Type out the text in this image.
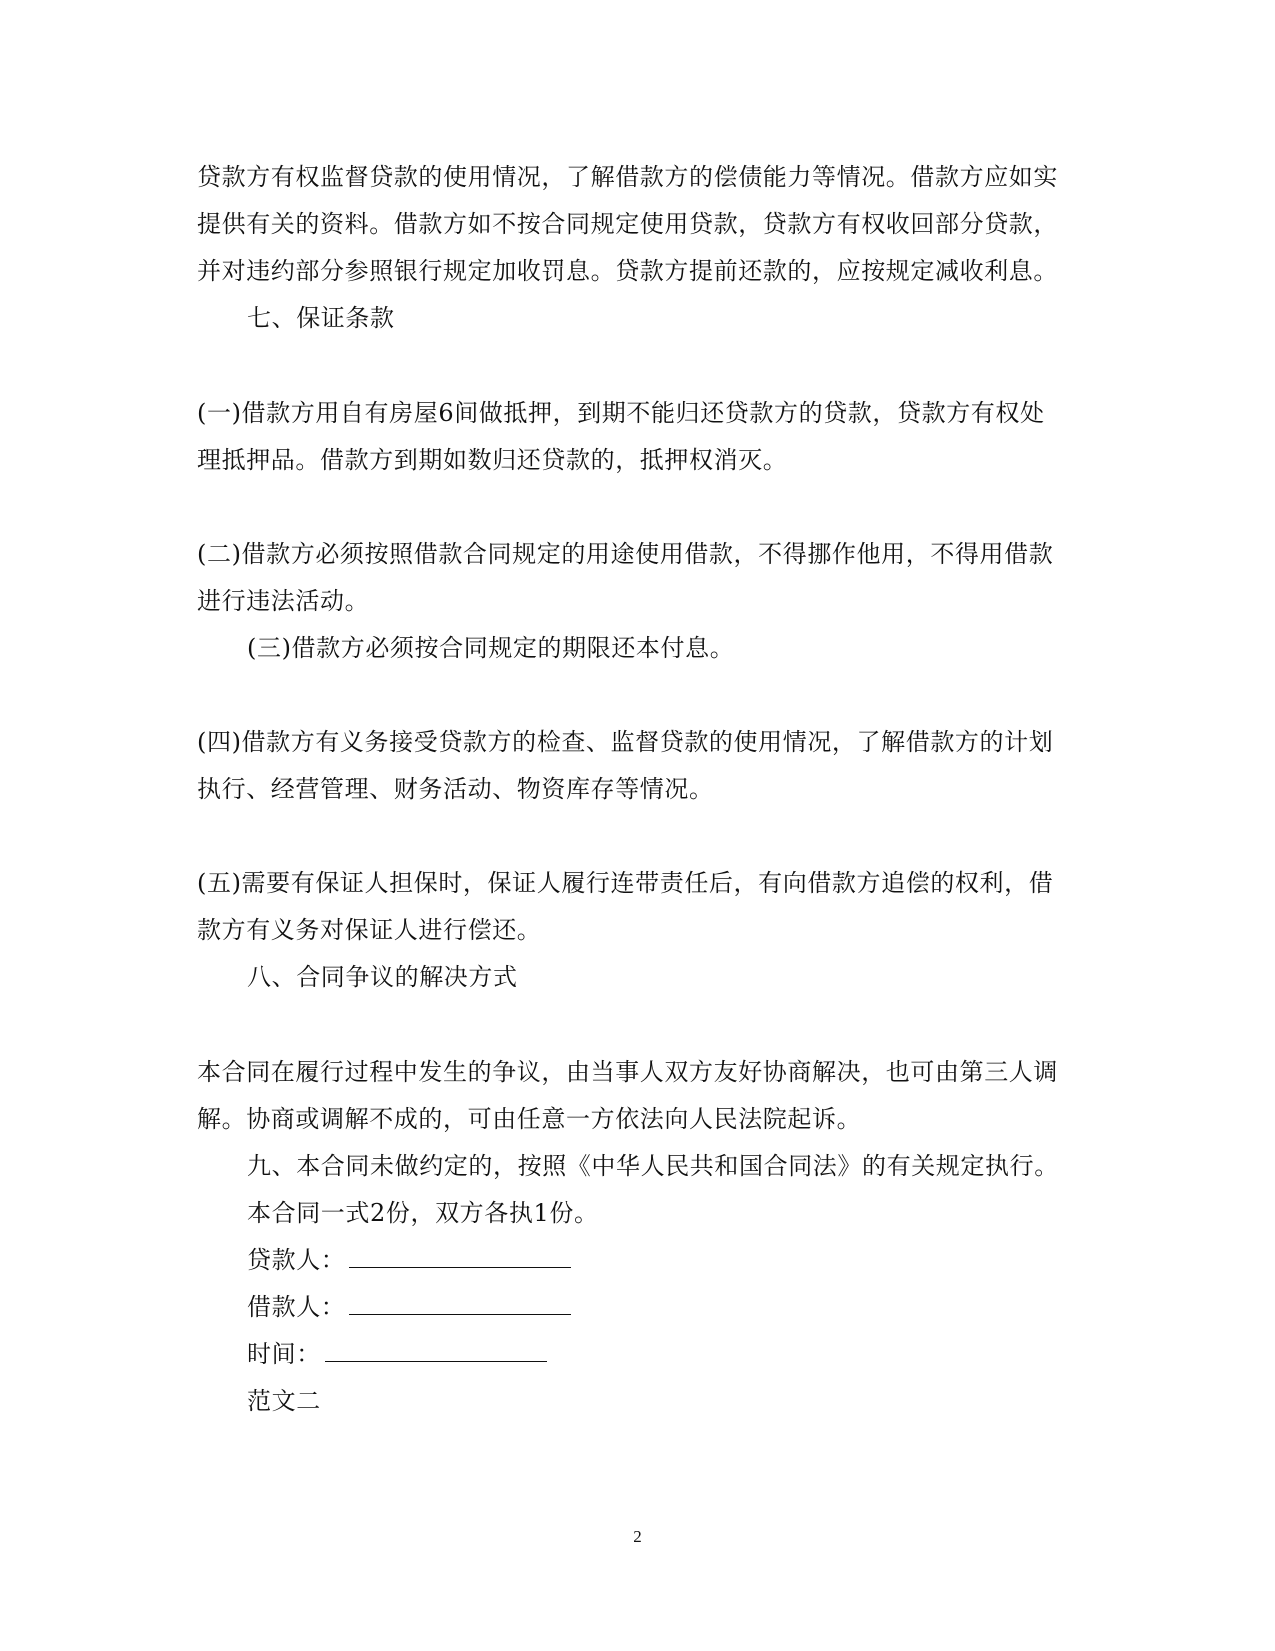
贷款方有权监督贷款的使用情况，了解借款方的偿债能力等情况。借款方应如实
提供有关的资料。借款方如不按合同规定使用贷款，贷款方有权收回部分贷款，
并对违约部分参照银行规定加收罚息。贷款方提前还款的，应按规定减收利息。
七、保证条款
(一)借款方用自有房屋6间做抵押，到期不能归还贷款方的贷款，贷款方有权处
理抵押品。借款方到期如数归还贷款的，抵押权消灭。
(二)借款方必须按照借款合同规定的用途使用借款，不得挪作他用，不得用借款
进行违法活动。
(三)借款方必须按合同规定的期限还本付息。
(四)借款方有义务接受贷款方的检查、监督贷款的使用情况，了解借款方的计划
执行、经营管理、财务活动、物资库存等情况。
(五)需要有保证人担保时，保证人履行连带责任后，有向借款方追偿的权利，借
款方有义务对保证人进行偿还。
八、合同争议的解决方式
本合同在履行过程中发生的争议，由当事人双方友好协商解决，也可由第三人调
解。协商或调解不成的，可由任意一方依法向人民法院起诉。
九、本合同未做约定的，按照《中华人民共和国合同法》的有关规定执行。
本合同一式2份，双方各执1份。
贷款人：
借款人：
时间：
范文二
2
